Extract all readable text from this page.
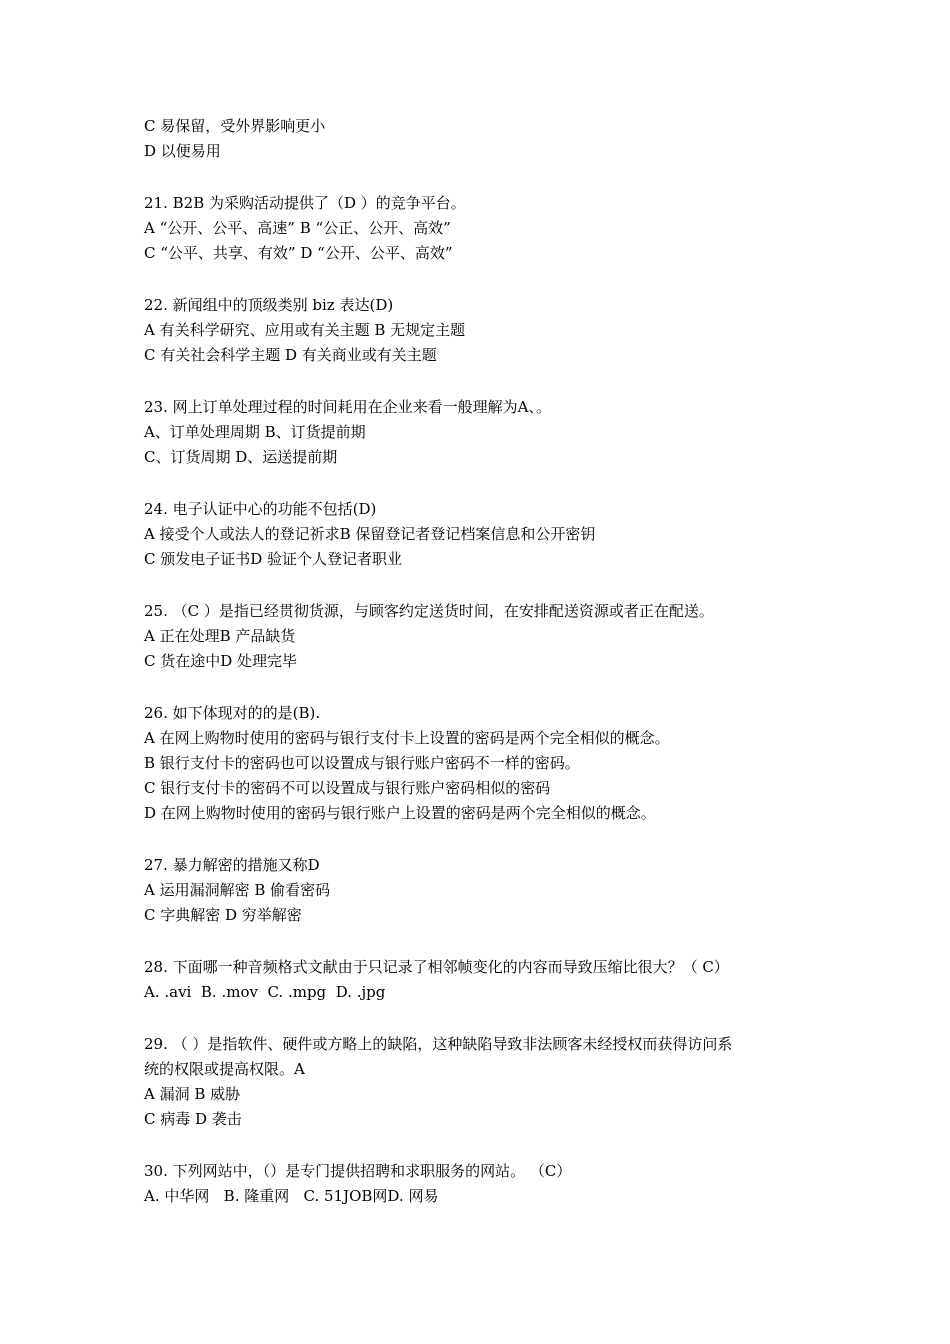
C 易保留，受外界影响更小
D 以便易用
21. B2B 为采购活动提供了（D ）的竞争平台。
A “公开、公平、高速” B “公正、公开、高效”
C “公平、共享、有效” D “公开、公平、高效”
22. 新闻组中的顶级类别 biz 表达(D)
A 有关科学研究、应用或有关主题 B 无规定主题
C 有关社会科学主题 D 有关商业或有关主题
23. 网上订单处理过程的时间耗用在企业来看一般理解为A、。
A、订单处理周期 B、订货提前期
C、订货周期 D、运送提前期
24. 电子认证中心的功能不包括(D)
A 接受个人或法人的登记祈求B 保留登记者登记档案信息和公开密钥
C 颁发电子证书D 验证个人登记者职业
25. （C ）是指已经贯彻货源，与顾客约定送货时间，在安排配送资源或者正在配送。
A 正在处理B 产品缺货
C 货在途中D 处理完毕
26. 如下体现对的的是(B).
A 在网上购物时使用的密码与银行支付卡上设置的密码是两个完全相似的概念。
B 银行支付卡的密码也可以设置成与银行账户密码不一样的密码。
C 银行支付卡的密码不可以设置成与银行账户密码相似的密码
D 在网上购物时使用的密码与银行账户上设置的密码是两个完全相似的概念。
27. 暴力解密的措施又称D
A 运用漏洞解密 B 偷看密码
C 字典解密 D 穷举解密
28. 下面哪一种音频格式文献由于只记录了相邻帧变化的内容而导致压缩比很大？（ C）
A. .avi  B. .mov  C. .mpg  D. .jpg
29. （ ）是指软件、硬件或方略上的缺陷，这种缺陷导致非法顾客未经授权而获得访问系
统的权限或提高权限。A
A 漏洞 B 威胁
C 病毒 D 袭击
30. 下列网站中，（）是专门提供招聘和求职服务的网站。 （C）
A. 中华网   B. 隆重网   C. 51JOB网D. 网易
